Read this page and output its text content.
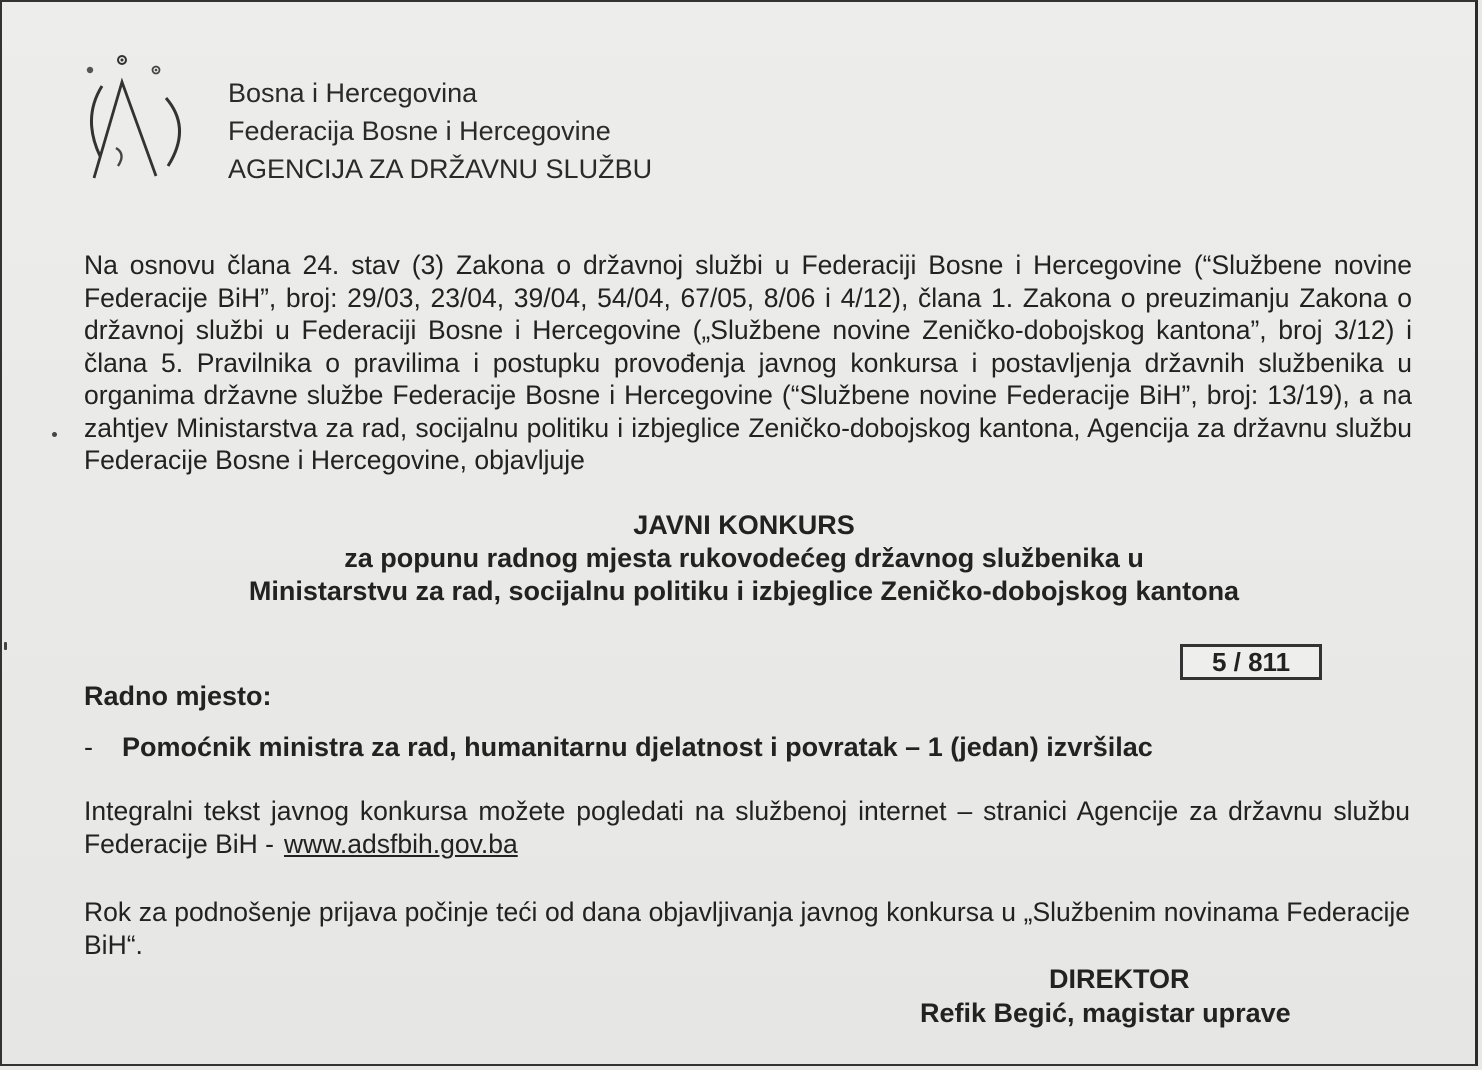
Bosna i Hercegovina
Federacija Bosne i Hercegovine
AGENCIJA ZA DRŽAVNU SLUŽBU
Na osnovu člana 24. stav (3) Zakona o državnoj službi u Federaciji Bosne i Hercegovine (“Službene novine Federacije BiH”, broj: 29/03, 23/04, 39/04, 54/04, 67/05, 8/06 i 4/12), člana 1. Zakona o preuzimanju Zakona o državnoj službi u Federaciji Bosne i Hercegovine („Službene novine Zeničko-dobojskog kantona”, broj 3/12) i člana 5. Pravilnika o pravilima i postupku provođenja javnog konkursa i postavljenja državnih službenika u organima državne službe Federacije Bosne i Hercegovine (“Službene novine Federacije BiH”, broj: 13/19), a na zahtjev Ministarstva za rad, socijalnu politiku i izbjeglice Zeničko-dobojskog kantona, Agencija za državnu službu Federacije Bosne i Hercegovine, objavljuje
JAVNI KONKURS
za popunu radnog mjesta rukovodećeg državnog službenika u
Ministarstvu za rad, socijalnu politiku i izbjeglice Zeničko-dobojskog kantona
5 / 811
Radno mjesto:
- Pomoćnik ministra za rad, humanitarnu djelatnost i povratak – 1 (jedan) izvršilac
Integralni tekst javnog konkursa možete pogledati na službenoj internet – stranici Agencije za državnu službu Federacije BiH - www.adsfbih.gov.ba
Rok za podnošenje prijava počinje teći od dana objavljivanja javnog konkursa u „Službenim novinama Federacije BiH“.
DIREKTOR
Refik Begić, magistar uprave
